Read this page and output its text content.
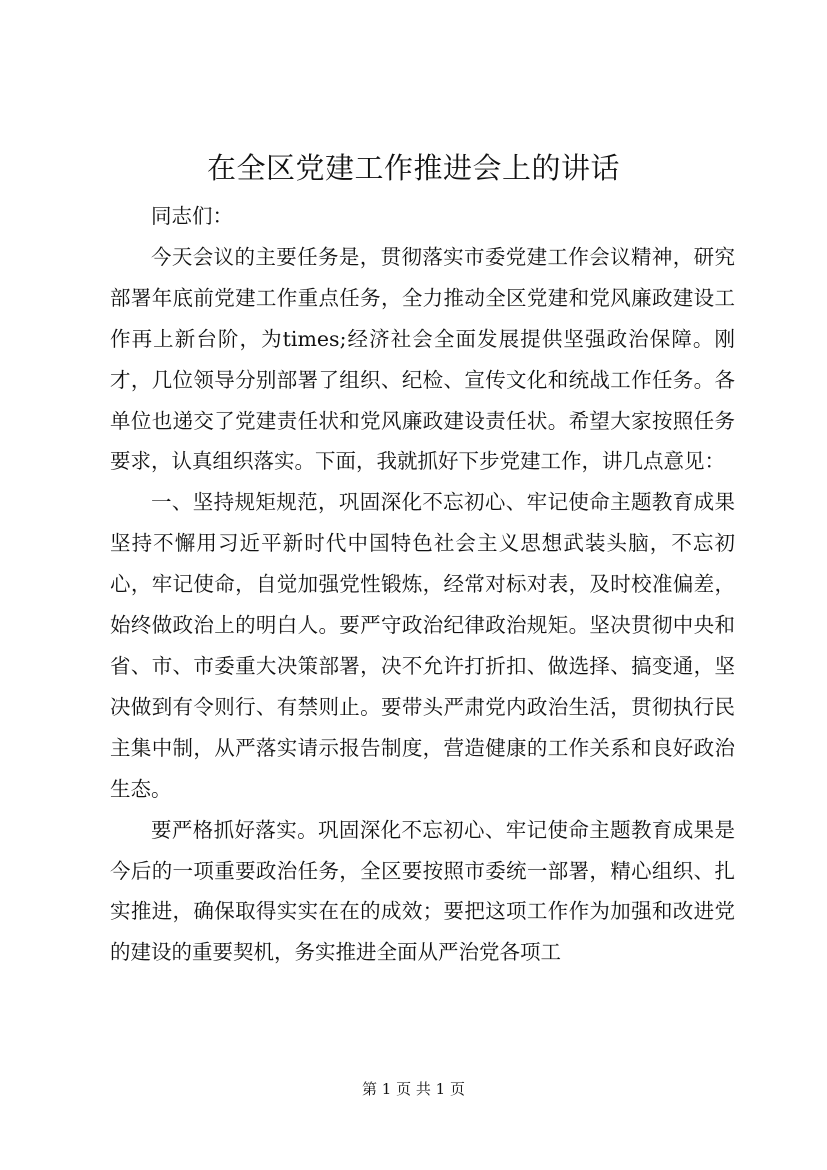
在全区党建工作推进会上的讲话

同志们：

今天会议的主要任务是，贯彻落实市委党建工作会议精神，研究部署年底前党建工作重点任务，全力推动全区党建和党风廉政建设工作再上新台阶，为times;经济社会全面发展提供坚强政治保障。刚才，几位领导分别部署了组织、纪检、宣传文化和统战工作任务。各单位也递交了党建责任状和党风廉政建设责任状。希望大家按照任务要求，认真组织落实。下面，我就抓好下步党建工作，讲几点意见：

一、坚持规矩规范，巩固深化不忘初心、牢记使命主题教育成果坚持不懈用习近平新时代中国特色社会主义思想武装头脑，不忘初心，牢记使命，自觉加强党性锻炼，经常对标对表，及时校准偏差，始终做政治上的明白人。要严守政治纪律政治规矩。坚决贯彻中央和省、市、市委重大决策部署，决不允许打折扣、做选择、搞变通，坚决做到有令则行、有禁则止。要带头严肃党内政治生活，贯彻执行民主集中制，从严落实请示报告制度，营造健康的工作关系和良好政治生态。

要严格抓好落实。巩固深化不忘初心、牢记使命主题教育成果是今后的一项重要政治任务，全区要按照市委统一部署，精心组织、扎实推进，确保取得实实在在的成效；要把这项工作作为加强和改进党的建设的重要契机，务实推进全面从严治党各项工

第 1 页 共 1 页
